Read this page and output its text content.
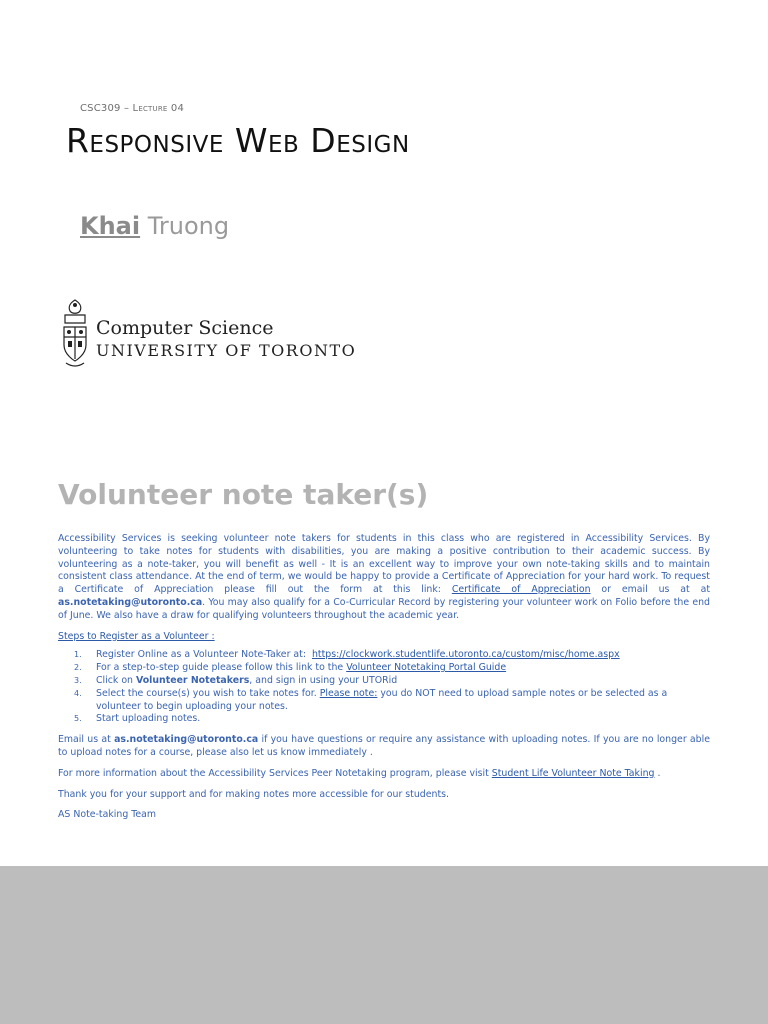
CSC309 – Lecture 04
Responsive Web Design
Khai Truong
Computer Science
UNIVERSITY OF TORONTO
Volunteer note taker(s)
Accessibility Services is seeking volunteer note takers for students in this class who are registered in Accessibility Services. By volunteering to take notes for students with disabilities, you are making a positive contribution to their academic success. By volunteering as a note-taker, you will benefit as well - It is an excellent way to improve your own note-taking skills and to maintain consistent class attendance. At the end of term, we would be happy to provide a Certificate of Appreciation for your hard work. To request a Certificate of Appreciation please fill out the form at this link: Certificate of Appreciation or email us at at as.notetaking@utoronto.ca. You may also qualify for a Co-Curricular Record by registering your volunteer work on Folio before the end of June. We also have a draw for qualifying volunteers throughout the academic year.
Steps to Register as a Volunteer :
1. Register Online as a Volunteer Note-Taker at: https://clockwork.studentlife.utoronto.ca/custom/misc/home.aspx
2. For a step-to-step guide please follow this link to the Volunteer Notetaking Portal Guide
3. Click on Volunteer Notetakers, and sign in using your UTORid
4. Select the course(s) you wish to take notes for. Please note: you do NOT need to upload sample notes or be selected as a volunteer to begin uploading your notes.
5. Start uploading notes.
Email us at as.notetaking@utoronto.ca if you have questions or require any assistance with uploading notes. If you are no longer able to upload notes for a course, please also let us know immediately .
For more information about the Accessibility Services Peer Notetaking program, please visit Student Life Volunteer Note Taking .
Thank you for your support and for making notes more accessible for our students.
AS Note-taking Team
